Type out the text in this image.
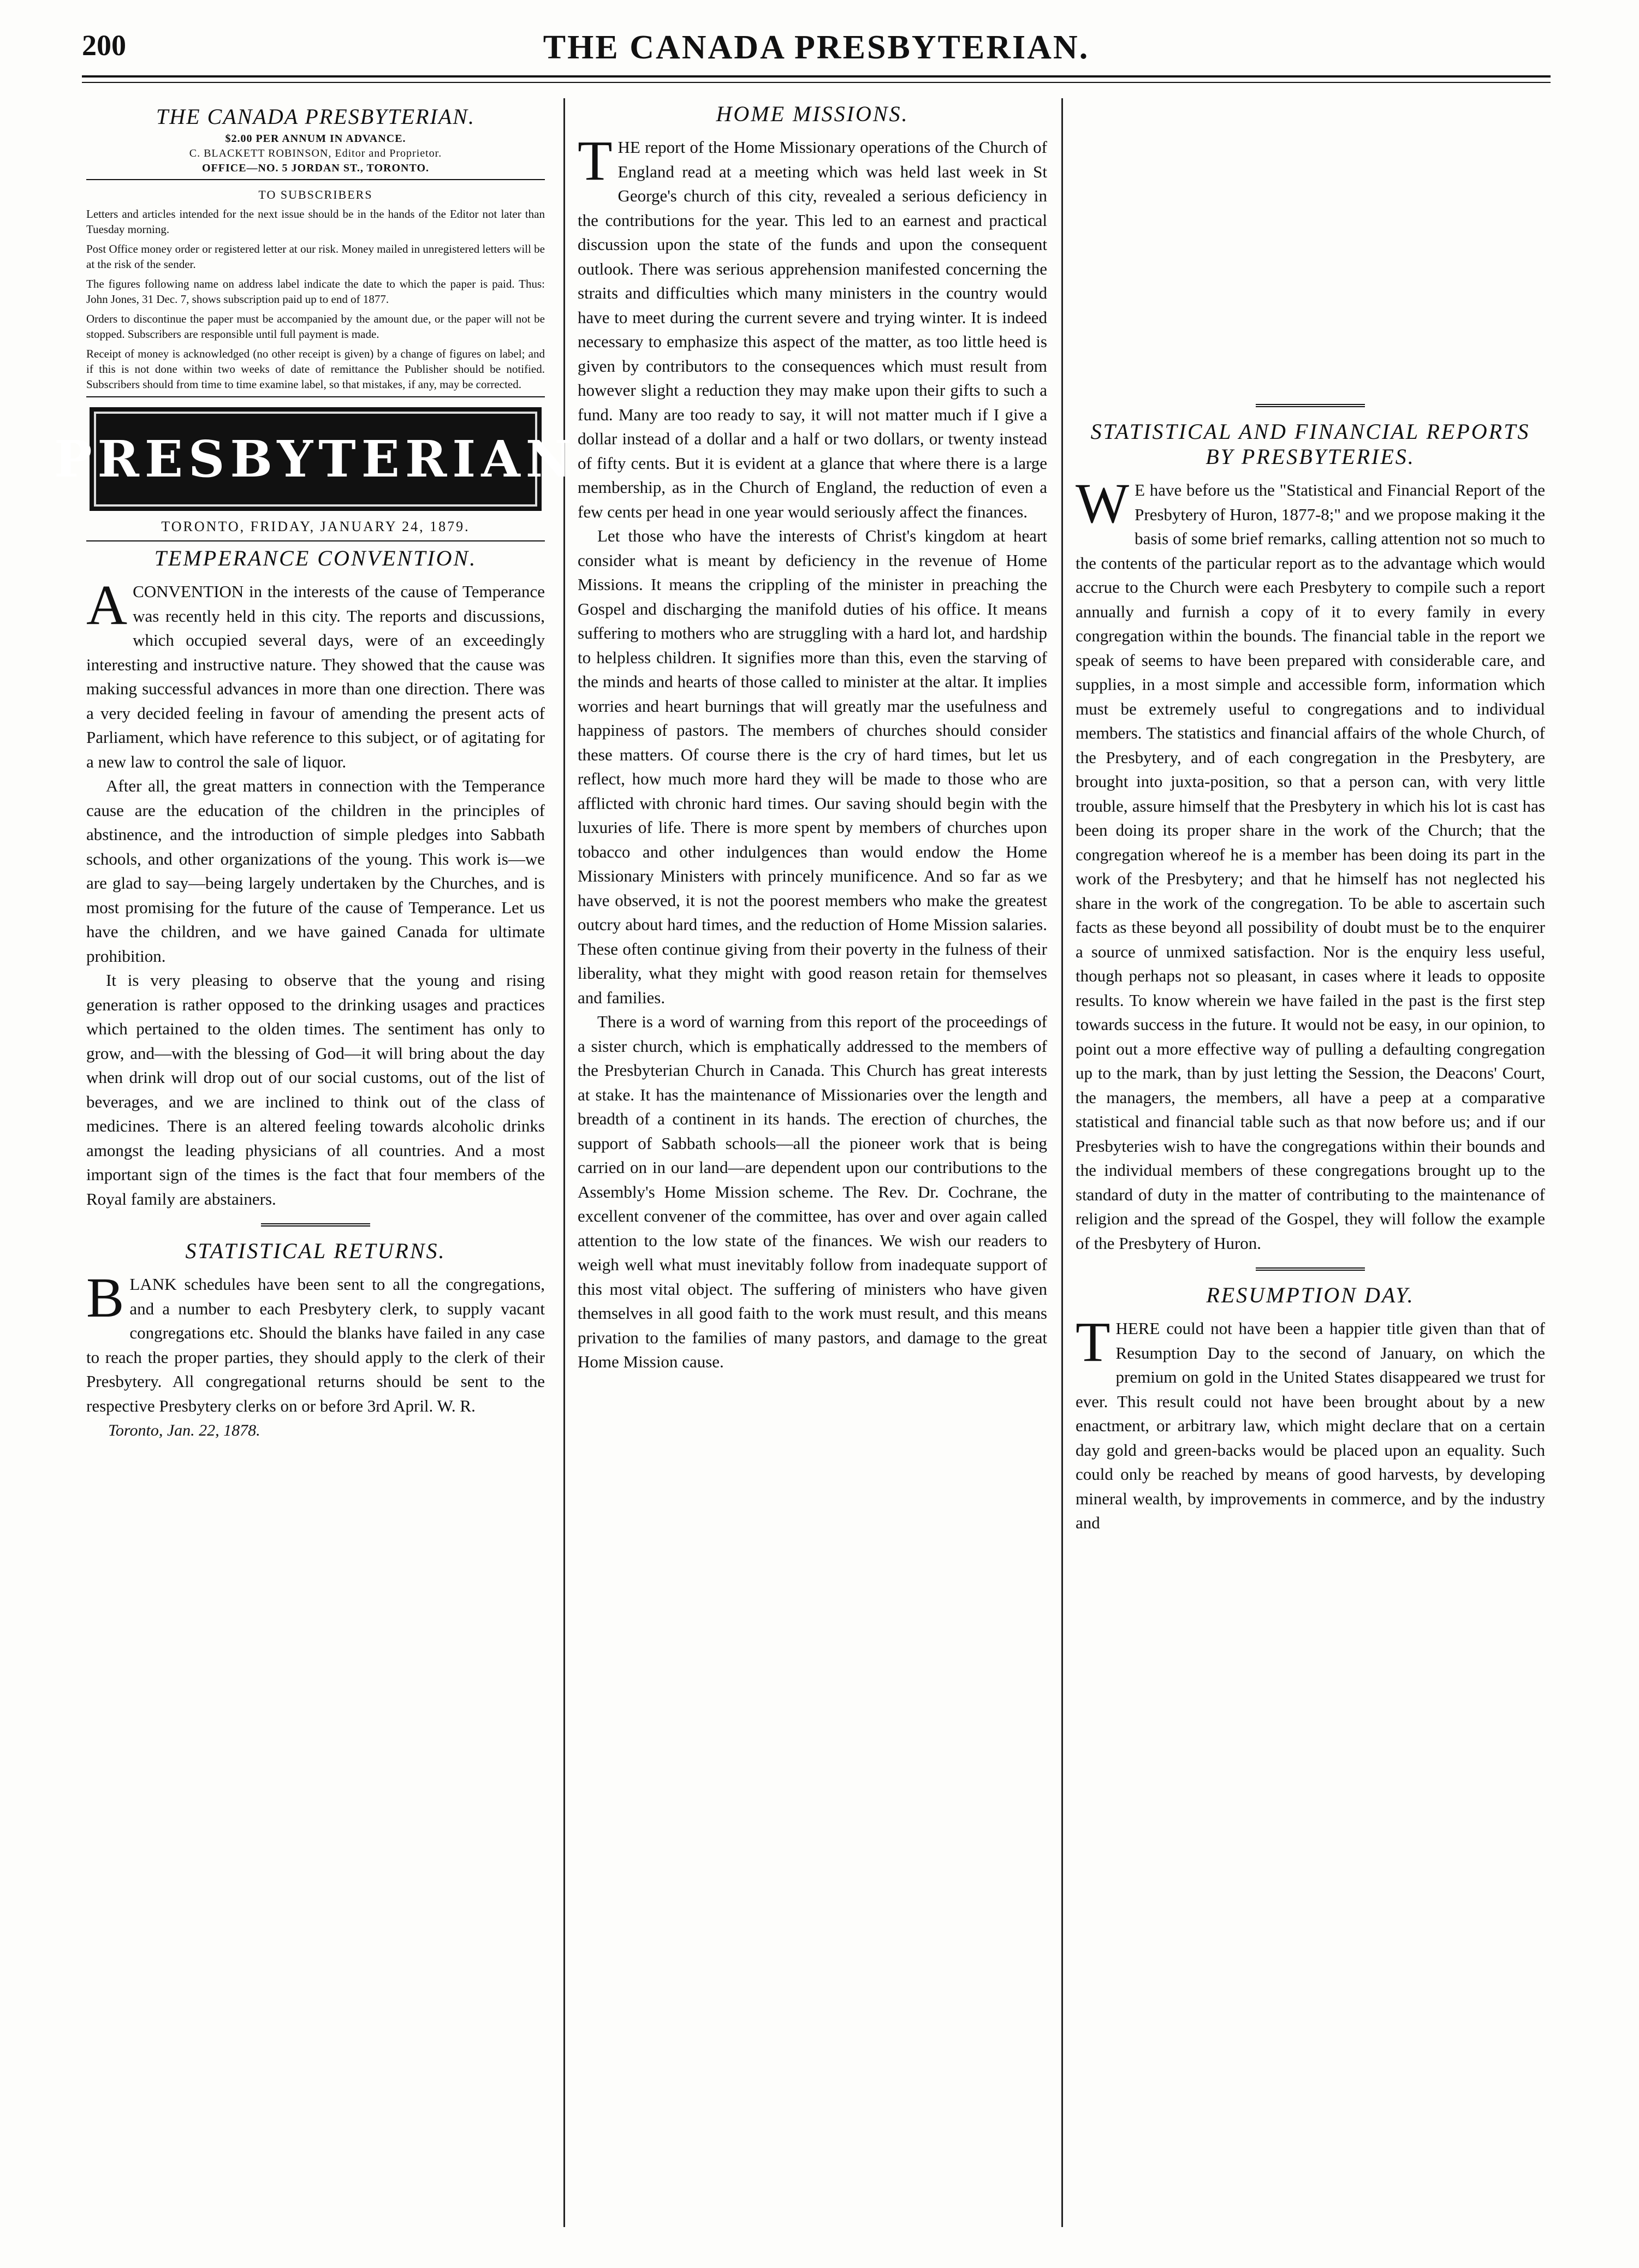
200	THE CANADA PRESBYTERIAN.
THE CANADA PRESBYTERIAN.
$2.00 PER ANNUM IN ADVANCE.
C. BLACKETT ROBINSON, Editor and Proprietor.
OFFICE—NO. 5 JORDAN ST., TORONTO.
TO SUBSCRIBERS

Letters and articles intended for the next issue should be in the hands of the Editor not later than Tuesday morning.

Post Office money order or registered letter at our risk. Money mailed in unregistered letters will be at the risk of the sender.

The figures following name on address label indicate the date to which the paper is paid. Thus: John Jones, 31 Dec. 7, shows subscription paid up to end of 1877.

Orders to discontinue the paper must be accompanied by the amount due, or the paper will not be stopped. Subscribers are responsible until full payment is made.

Receipt of money is acknowledged (no other receipt is given) by a change of figures on label; and if this is not done within two weeks of date of remittance the Publisher should be notified. Subscribers should from time to time examine label, so that mistakes, if any, may be corrected.

PRESBYTERIAN
TORONTO, FRIDAY, JANUARY 24, 1879.
TEMPERANCE CONVENTION.

ACONVENTION in the interests of the cause of Temperance was recently held in this city. The reports and discussions, which occupied several days, were of an exceedingly interesting and instructive nature. They showed that the cause was making successful advances in more than one direction. There was a very decided feeling in favour of amending the present acts of Parliament, which have reference to this subject, or of agitating for a new law to control the sale of liquor.

After all, the great matters in connection with the Temperance cause are the education of the children in the principles of abstinence, and the introduction of simple pledges into Sabbath schools, and other organizations of the young. This work is—we are glad to say—being largely undertaken by the Churches, and is most promising for the future of the cause of Temperance. Let us have the children, and we have gained Canada for ultimate prohibition.

It is very pleasing to observe that the young and rising generation is rather opposed to the drinking usages and practices which pertained to the olden times. The sentiment has only to grow, and—with the blessing of God—it will bring about the day when drink will drop out of our social customs, out of the list of beverages, and we are inclined to think out of the class of medicines. There is an altered feeling towards alcoholic drinks amongst the leading physicians of all countries. And a most important sign of the times is the fact that four members of the Royal family are abstainers.

STATISTICAL RETURNS.

BLANK schedules have been sent to all the congregations, and a number to each Presbytery clerk, to supply vacant congregations etc. Should the blanks have failed in any case to reach the proper parties, they should apply to the clerk of their Presbytery. All congregational returns should be sent to the respective Presbytery clerks on or before 3rd April. W. R.

Toronto, Jan. 22, 1878.
HOME MISSIONS.

THE report of the Home Missionary operations of the Church of England read at a meeting which was held last week in St George's church of this city, revealed a serious deficiency in the contributions for the year. This led to an earnest and practical discussion upon the state of the funds and upon the consequent outlook. There was serious apprehension manifested concerning the straits and difficulties which many ministers in the country would have to meet during the current severe and trying winter. It is indeed necessary to emphasize this aspect of the matter, as too little heed is given by contributors to the consequences which must result from however slight a reduction they may make upon their gifts to such a fund. Many are too ready to say, it will not matter much if I give a dollar instead of a dollar and a half or two dollars, or twenty instead of fifty cents. But it is evident at a glance that where there is a large membership, as in the Church of England, the reduction of even a few cents per head in one year would seriously affect the finances.

Let those who have the interests of Christ's kingdom at heart consider what is meant by deficiency in the revenue of Home Missions. It means the crippling of the minister in preaching the Gospel and discharging the manifold duties of his office. It means suffering to mothers who are struggling with a hard lot, and hardship to helpless children. It signifies more than this, even the starving of the minds and hearts of those called to minister at the altar. It implies worries and heart burnings that will greatly mar the usefulness and happiness of pastors. The members of churches should consider these matters. Of course there is the cry of hard times, but let us reflect, how much more hard they will be made to those who are afflicted with chronic hard times. Our saving should begin with the luxuries of life. There is more spent by members of churches upon tobacco and other indulgences than would endow the Home Missionary Ministers with princely munificence. And so far as we have observed, it is not the poorest members who make the greatest outcry about hard times, and the reduction of Home Mission salaries. These often continue giving from their poverty in the fulness of their liberality, what they might with good reason retain for themselves and families.

There is a word of warning from this report of the proceedings of a sister church, which is emphatically addressed to the members of the Presbyterian Church in Canada. This Church has great interests at stake. It has the maintenance of Missionaries over the length and breadth of a continent in its hands. The erection of churches, the support of Sabbath schools—all the pioneer work that is being carried on in our land—are dependent upon our contributions to the Assembly's Home Mission scheme. The Rev. Dr. Cochrane, the excellent convener of the committee, has over and over again called attention to the low state of the finances. We wish our readers to weigh well what must inevitably follow from inadequate support of this most vital object. The suffering of ministers who have given themselves in all good faith to the work must result, and this means privation to the families of many pastors, and damage to the great Home Mission cause.

STATISTICAL AND FINANCIAL REPORTS BY PRESBYTERIES.

WE have before us the "Statistical and Financial Report of the Presbytery of Huron, 1877-8;" and we propose making it the basis of some brief remarks, calling attention not so much to the contents of the particular report as to the advantage which would accrue to the Church were each Presbytery to compile such a report annually and furnish a copy of it to every family in every congregation within the bounds. The financial table in the report we speak of seems to have been prepared with considerable care, and supplies, in a most simple and accessible form, information which must be extremely useful to congregations and to individual members. The statistics and financial affairs of the whole Church, of the Presbytery, and of each congregation in the Presbytery, are brought into juxta-position, so that a person can, with very little trouble, assure himself that the Presbytery in which his lot is cast has been doing its proper share in the work of the Church; that the congregation whereof he is a member has been doing its part in the work of the Presbytery; and that he himself has not neglected his share in the work of the congregation. To be able to ascertain such facts as these beyond all possibility of doubt must be to the enquirer a source of unmixed satisfaction. Nor is the enquiry less useful, though perhaps not so pleasant, in cases where it leads to opposite results. To know wherein we have failed in the past is the first step towards success in the future. It would not be easy, in our opinion, to point out a more effective way of pulling a defaulting congregation up to the mark, than by just letting the Session, the Deacons' Court, the managers, the members, all have a peep at a comparative statistical and financial table such as that now before us; and if our Presbyteries wish to have the congregations within their bounds and the individual members of these congregations brought up to the standard of duty in the matter of contributing to the maintenance of religion and the spread of the Gospel, they will follow the example of the Presbytery of Huron.

RESUMPTION DAY.

THERE could not have been a happier title given than that of Resumption Day to the second of January, on which the premium on gold in the United States disappeared we trust for ever. This result could not have been brought about by a new enactment, or arbitrary law, which might declare that on a certain day gold and green-backs would be placed upon an equality. Such could only be reached by means of good harvests, by developing mineral wealth, by improvements in commerce, and by the industry and
